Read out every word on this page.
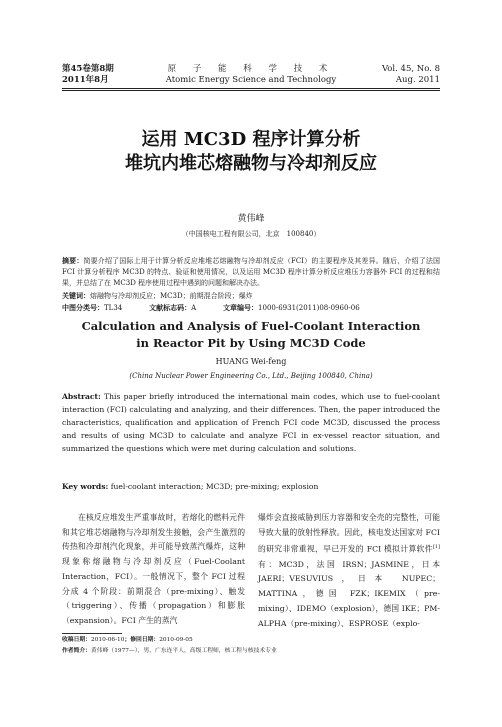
第45卷第8期
2011年8月
原 子 能 科 学 技 术
Atomic Energy Science and Technology
Vol. 45, No. 8
Aug. 2011
运用 MC3D 程序计算分析
堆坑内堆芯熔融物与冷却剂反应
黄伟峰
（中国核电工程有限公司，北京　100840）
摘要：简要介绍了国际上用于计算分析反应堆堆芯熔融物与冷却剂反应（FCI）的主要程序及其差异。随后，介绍了法国 FCI 计算分析程序 MC3D 的特点、验证和使用情况，以及运用 MC3D 程序计算分析反应堆压力容器外 FCI 的过程和结果，并总结了在 MC3D 程序使用过程中遇到的问题和解决办法。
关键词：熔融物与冷却剂反应；MC3D；前期混合阶段；爆炸
中图分类号：TL34	文献标志码：A	文章编号：1000-6931(2011)08-0960-06
Calculation and Analysis of Fuel-Coolant Interaction
in Reactor Pit by Using MC3D Code
HUANG Wei-feng
(China Nuclear Power Engineering Co., Ltd., Beijing 100840, China)
Abstract: This paper briefly introduced the international main codes, which use to fuel-coolant interaction (FCI) calculating and analyzing, and their differences. Then, the paper introduced the characteristics, qualification and application of French FCI code MC3D, discussed the process and results of using MC3D to calculate and analyze FCI in ex-vessel reactor situation, and summarized the questions which were met during calculation and solutions.
Key words: fuel-coolant interaction; MC3D; pre-mixing; explosion
在核反应堆发生严重事故时，若熔化的燃料元件和其它堆芯熔融物与冷却剂发生接触，会产生激烈的传热和冷却剂汽化现象，并可能导致蒸汽爆炸，这种现象称熔融物与冷却剂反应（Fuel-Coolant Interaction，FCI）。一般情况下，整个 FCI 过程分成 4 个阶段：前期混合（pre-mixing）、触发（triggering）、传播（propagation）和膨胀（expansion）。FCI 产生的蒸汽
爆炸会直接威胁到压力容器和安全壳的完整性，可能导致大量的放射性释放。因此，核电发达国家对 FCI 的研究非常重视，早已开发的 FCI 模拟计算软件[1]有：MC3D，法国 IRSN；JASMINE，日本 JAERI；VESUVIUS，日本 NUPEC；MATTINA，德国 FZK；IKEMIX（pre-mixing）、IDEMO（explosion），德国 IKE；PM-ALPHA（pre-mixing）、ESPROSE（explo-
收稿日期：2010-06-10；修回日期：2010-09-05
作者简介：黄伟峰（1977—），男，广东连平人，高级工程师，核工程与核技术专业
